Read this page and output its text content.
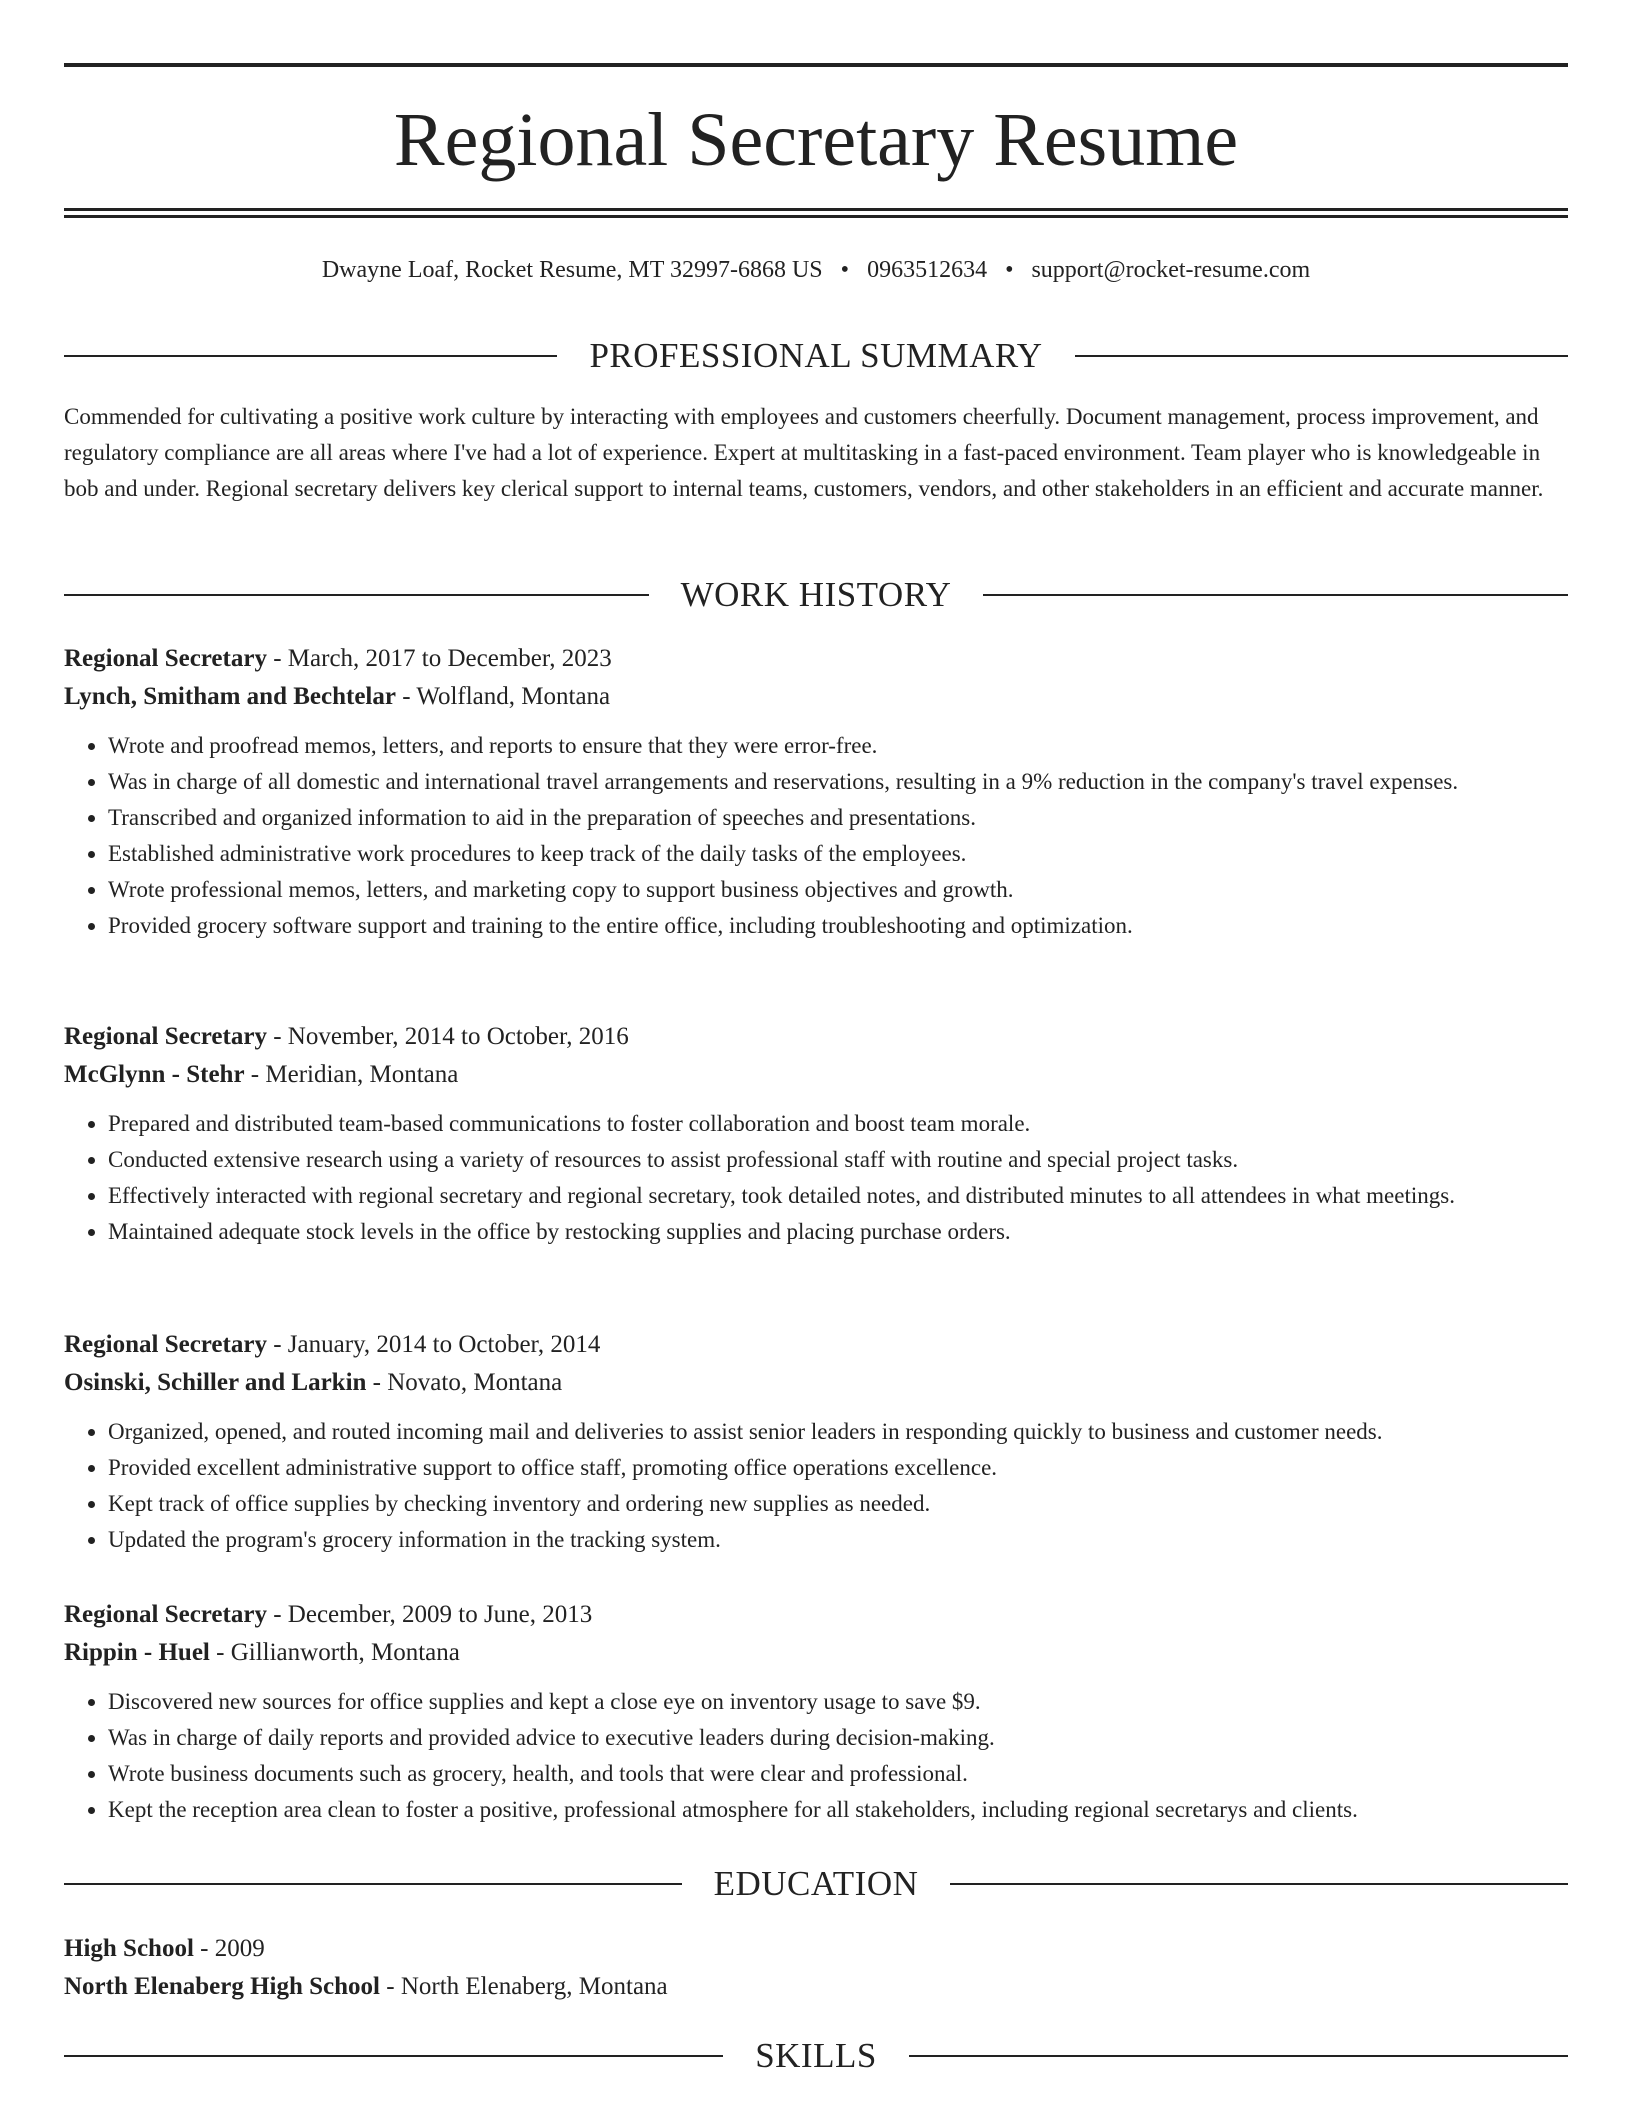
Regional Secretary Resume
Dwayne Loaf, Rocket Resume, MT 32997-6868 US • 0963512634 • support@rocket-resume.com
PROFESSIONAL SUMMARY

Commended for cultivating a positive work culture by interacting with employees and customers cheerfully. Document management, process improvement, and regulatory compliance are all areas where I've had a lot of experience. Expert at multitasking in a fast-paced environment. Team player who is knowledgeable in bob and under. Regional secretary delivers key clerical support to internal teams, customers, vendors, and other stakeholders in an efficient and accurate manner.

WORK HISTORY

Regional Secretary - March, 2017 to December, 2023

Lynch, Smitham and Bechtelar - Wolfland, Montana

• Wrote and proofread memos, letters, and reports to ensure that they were error-free.
• Was in charge of all domestic and international travel arrangements and reservations, resulting in a 9% reduction in the company's travel expenses.
• Transcribed and organized information to aid in the preparation of speeches and presentations.
• Established administrative work procedures to keep track of the daily tasks of the employees.
• Wrote professional memos, letters, and marketing copy to support business objectives and growth.
• Provided grocery software support and training to the entire office, including troubleshooting and optimization.

Regional Secretary - November, 2014 to October, 2016

McGlynn - Stehr - Meridian, Montana

• Prepared and distributed team-based communications to foster collaboration and boost team morale.
• Conducted extensive research using a variety of resources to assist professional staff with routine and special project tasks.
• Effectively interacted with regional secretary and regional secretary, took detailed notes, and distributed minutes to all attendees in what meetings.
• Maintained adequate stock levels in the office by restocking supplies and placing purchase orders.

Regional Secretary - January, 2014 to October, 2014

Osinski, Schiller and Larkin - Novato, Montana

• Organized, opened, and routed incoming mail and deliveries to assist senior leaders in responding quickly to business and customer needs.
• Provided excellent administrative support to office staff, promoting office operations excellence.
• Kept track of office supplies by checking inventory and ordering new supplies as needed.
• Updated the program's grocery information in the tracking system.

Regional Secretary - December, 2009 to June, 2013

Rippin - Huel - Gillianworth, Montana

• Discovered new sources for office supplies and kept a close eye on inventory usage to save $9.
• Was in charge of daily reports and provided advice to executive leaders during decision-making.
• Wrote business documents such as grocery, health, and tools that were clear and professional.
• Kept the reception area clean to foster a positive, professional atmosphere for all stakeholders, including regional secretarys and clients.
EDUCATION

High School - 2009

North Elenaberg High School - North Elenaberg, Montana

SKILLS
